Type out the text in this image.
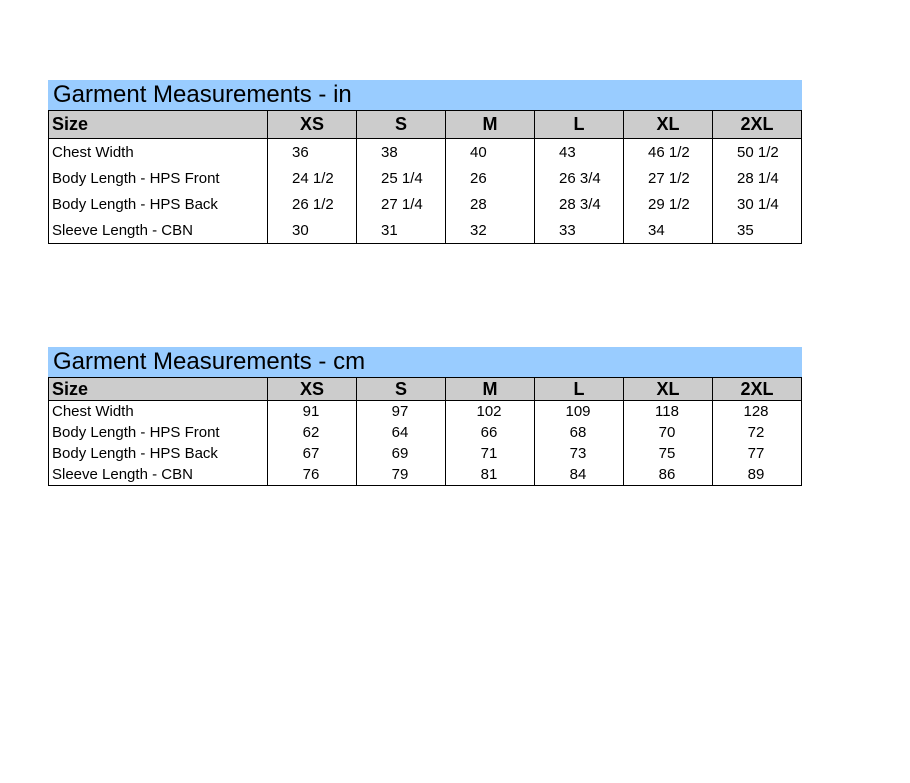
Garment Measurements - in
Size	XS	S	M	L	XL	2XL
Chest Width	36	38	40	43	46 1/2	50 1/2
Body Length - HPS Front	24 1/2	25 1/4	26	26 3/4	27 1/2	28 1/4
Body Length - HPS Back	26 1/2	27 1/4	28	28 3/4	29 1/2	30 1/4
Sleeve Length - CBN	30	31	32	33	34	35
Garment Measurements - cm
Size	XS	S	M	L	XL	2XL
Chest Width	91	97	102	109	118	128
Body Length - HPS Front	62	64	66	68	70	72
Body Length - HPS Back	67	69	71	73	75	77
Sleeve Length - CBN	76	79	81	84	86	89
